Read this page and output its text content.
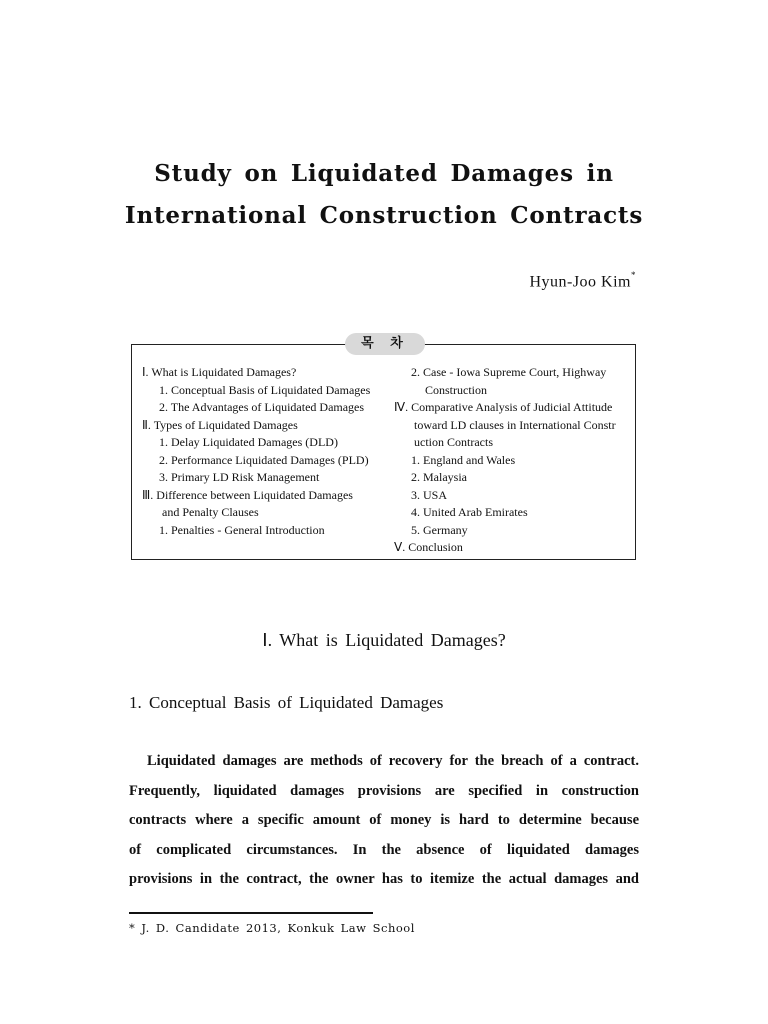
Study on Liquidated Damages in
International Construction Contracts
Hyun-Joo Kim*
목 차
Ⅰ. What is Liquidated Damages?
1. Conceptual Basis of Liquidated Damages
2. The Advantages of Liquidated Damages
Ⅱ. Types of Liquidated Damages
1. Delay Liquidated Damages (DLD)
2. Performance Liquidated Damages (PLD)
3. Primary LD Risk Management
Ⅲ. Difference between Liquidated Damages
and Penalty Clauses
1. Penalties - General Introduction
2. Case - Iowa Supreme Court, Highway
Construction
Ⅳ. Comparative Analysis of Judicial Attitude
toward LD clauses in International Constr
uction Contracts
1. England and Wales
2. Malaysia
3. USA
4. United Arab Emirates
5. Germany
Ⅴ. Conclusion
Ⅰ. What is Liquidated Damages?
1. Conceptual Basis of Liquidated Damages
Liquidated damages are methods of recovery for the breach of a contract.
Frequently, liquidated damages provisions are specified in construction
contracts where a specific amount of money is hard to determine because
of complicated circumstances. In the absence of liquidated damages
provisions in the contract, the owner has to itemize the actual damages and
* J. D. Candidate 2013, Konkuk Law School
